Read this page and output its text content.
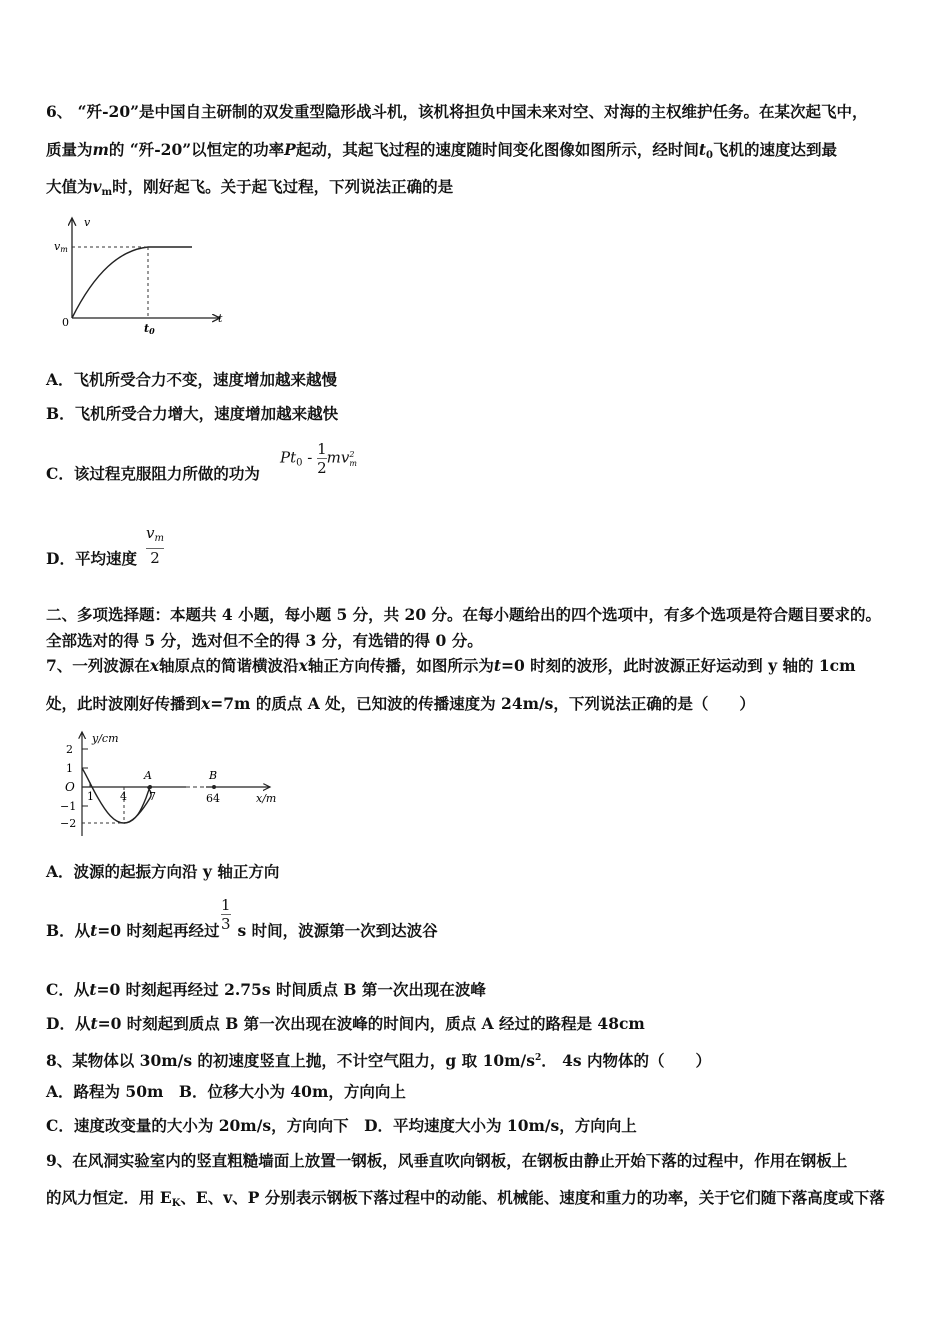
6、 “歼-20”是中国自主研制的双发重型隐形战斗机，该机将担负中国未来对空、对海的主权维护任务。在某次起飞中，
质量为m的 “歼-20”以恒定的功率P起动，其起飞过程的速度随时间变化图像如图所示，经时间$t_0$飞机的速度达到最
大值为$v_m$时，刚好起飞。关于起飞过程，下列说法正确的是
v
vm
0	t0
t
A．飞机所受合力不变，速度增加越来越慢
B．飞机所受合力增大，速度增加越来越快
C．该过程克服阻力所做的功为
$Pt_0 - \frac{1}{2}$ mv 2
m
D．平均速度 $\frac{v_m}{2}$
二、多项选择题：本题共 4 小题，每小题 5 分，共 20 分。在每小题给出的四个选项中，有多个选项是符合题目要求的。
全部选对的得 5 分，选对但不全的得 3 分，有选错的得 0 分。
7、一列波源在x轴原点的简谐横波沿x轴正方向传播，如图所示为t=0 时刻的波形，此时波源正好运动到 y 轴的 1cm
处，此时波刚好传播到x=7m 的质点 A 处，已知波的传播速度为 24m/s，下列说法正确的是（　　）
y/cm
2
1
O
−1
−2
1 4 7	64
A	B
x/m
A．波源的起振方向沿 y 轴正方向
B．从t=0 时刻起再经过 s 时间，波源第一次到达波谷
$\frac{1}{3}$
C．从t=0 时刻起再经过 2.75s 时间质点 B 第一次出现在波峰
D．从t=0 时刻起到质点 B 第一次出现在波峰的时间内，质点 A 经过的路程是 48cm
8、某物体以 30m/s 的初速度竖直上抛，不计空气阻力，g 取 $10m/s^2$． 4s 内物体的（　　）
A．路程为 50m　B．位移大小为 40m，方向向上
C．速度改变量的大小为 20m/s，方向向下　D．平均速度大小为 10m/s，方向向上
9、在风洞实验室内的竖直粗糙墙面上放置一钢板，风垂直吹向钢板，在钢板由静止开始下落的过程中，作用在钢板上
的风力恒定．用 $E_K$、E、v、P 分别表示钢板下落过程中的动能、机械能、速度和重力的功率，关于它们随下落高度或下落
